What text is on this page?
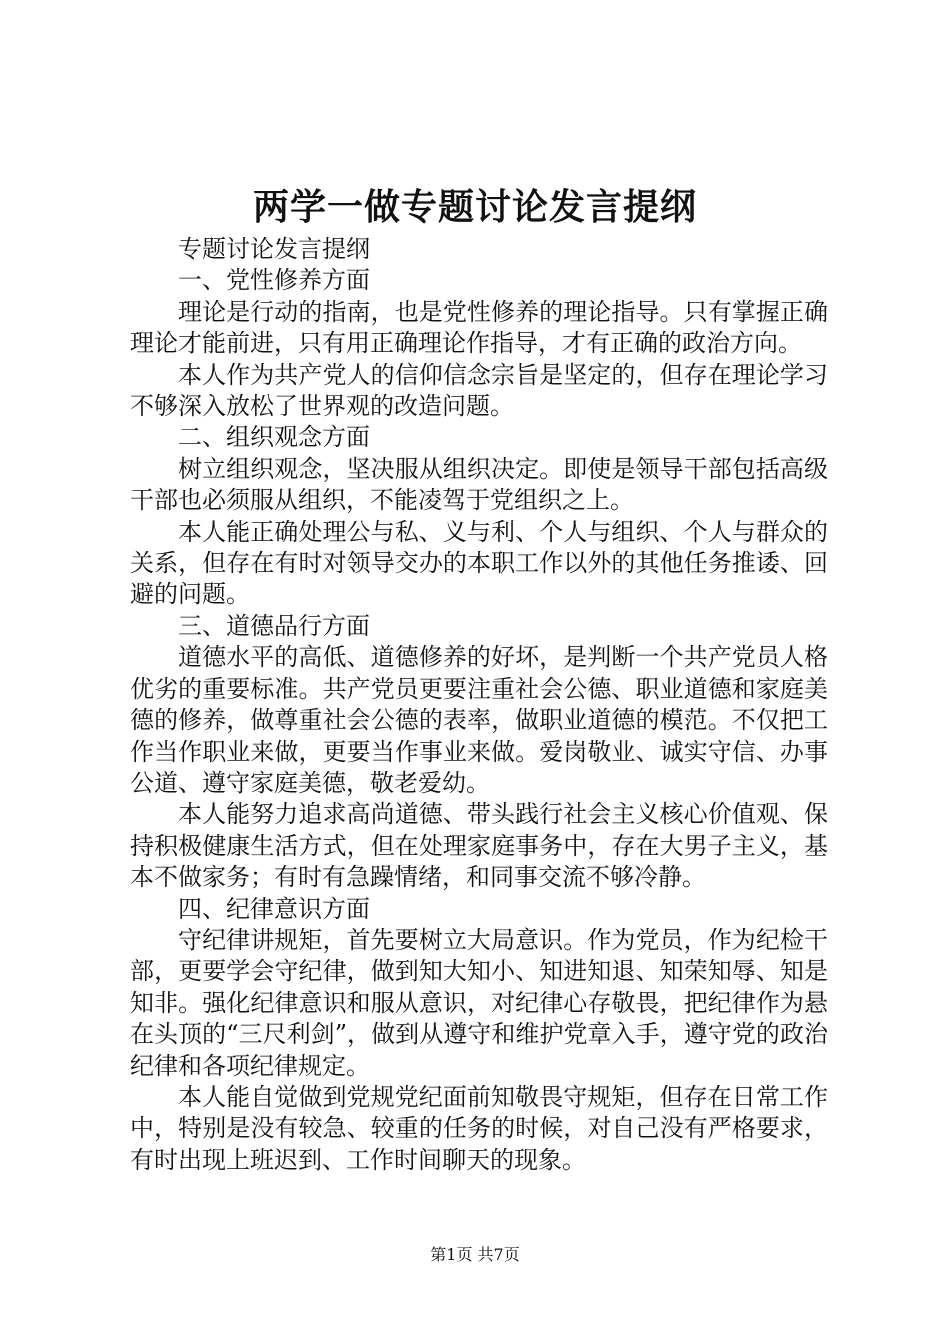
两学一做专题讨论发言提纲

专题讨论发言提纲

一、党性修养方面

理论是行动的指南，也是党性修养的理论指导。只有掌握正确理论才能前进，只有用正确理论作指导，才有正确的政治方向。

本人作为共产党人的信仰信念宗旨是坚定的，但存在理论学习不够深入放松了世界观的改造问题。

二、组织观念方面

树立组织观念，坚决服从组织决定。即使是领导干部包括高级干部也必须服从组织，不能凌驾于党组织之上。

本人能正确处理公与私、义与利、个人与组织、个人与群众的关系，但存在有时对领导交办的本职工作以外的其他任务推诿、回避的问题。

三、道德品行方面

道德水平的高低、道德修养的好坏，是判断一个共产党员人格优劣的重要标准。共产党员更要注重社会公德、职业道德和家庭美德的修养，做尊重社会公德的表率，做职业道德的模范。不仅把工作当作职业来做，更要当作事业来做。爱岗敬业、诚实守信、办事公道、遵守家庭美德，敬老爱幼。

本人能努力追求高尚道德、带头践行社会主义核心价值观、保持积极健康生活方式，但在处理家庭事务中，存在大男子主义，基本不做家务；有时有急躁情绪，和同事交流不够冷静。

四、纪律意识方面

守纪律讲规矩，首先要树立大局意识。作为党员，作为纪检干部，更要学会守纪律，做到知大知小、知进知退、知荣知辱、知是知非。强化纪律意识和服从意识，对纪律心存敬畏，把纪律作为悬在头顶的“三尺利剑”，做到从遵守和维护党章入手，遵守党的政治纪律和各项纪律规定。

本人能自觉做到党规党纪面前知敬畏守规矩，但存在日常工作中，特别是没有较急、较重的任务的时候，对自己没有严格要求，有时出现上班迟到、工作时间聊天的现象。

第1页 共7页
